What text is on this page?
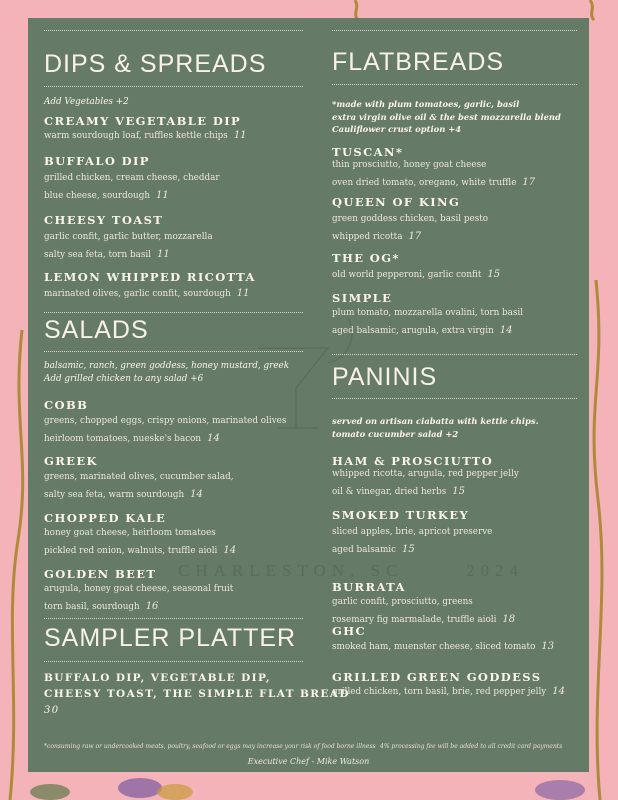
CHARLESTON, SC	2024
DIPS & SPREADS
Add Vegetables +2
CREAMY VEGETABLE DIP
warm sourdough loaf, ruffles kettle chips 11
BUFFALO DIP
grilled chicken, cream cheese, cheddar
blue cheese, sourdough 11
CHEESY TOAST
garlic confit, garlic butter, mozzarella
salty sea feta, torn basil 11
LEMON WHIPPED RICOTTA
marinated olives, garlic confit, sourdough 11
SALADS
balsamic, ranch, green goddess, honey mustard, greek
Add grilled chicken to any salad +6
COBB
greens, chopped eggs, crispy onions, marinated olives
heirloom tomatoes, nueske's bacon 14
GREEK
greens, marinated olives, cucumber salad,
salty sea feta, warm sourdough 14
CHOPPED KALE
honey goat cheese, heirloom tomatoes
pickled red onion, walnuts, truffle aioli 14
GOLDEN BEET
arugula, honey goat cheese, seasonal fruit
torn basil, sourdough 16
SAMPLER PLATTER
BUFFALO DIP, VEGETABLE DIP,
CHEESY TOAST, THE SIMPLE FLAT BREAD
30
FLATBREADS
*made with plum tomatoes, garlic, basil
extra virgin olive oil & the best mozzarella blend
Cauliflower crust option +4
TUSCAN*
thin prosciutto, honey goat cheese
oven dried tomato, oregano, white truffle 17
QUEEN OF KING
green goddess chicken, basil pesto
whipped ricotta 17
THE OG*
old world pepperoni, garlic confit 15
SIMPLE
plum tomato, mozzarella ovalini, torn basil
aged balsamic, arugula, extra virgin 14
PANINIS
served on artisan ciabatta with kettle chips.
tomato cucumber salad +2
HAM & PROSCIUTTO
whipped ricotta, arugula, red pepper jelly
oil & vinegar, dried herbs 15
SMOKED TURKEY
sliced apples, brie, apricot preserve
aged balsamic 15
BURRATA
garlic confit, prosciutto, greens
rosemary fig marmalade, truffle aioli 18
GHC
smoked ham, muenster cheese, sliced tomato 13
GRILLED GREEN GODDESS
grilled chicken, torn basil, brie, red pepper jelly 14
*consuming raw or undercooked meats, poultry, seafood or eggs may increase your risk of food borne illness 4% processing fee will be added to all credit card payments
Executive Chef - Mike Watson
